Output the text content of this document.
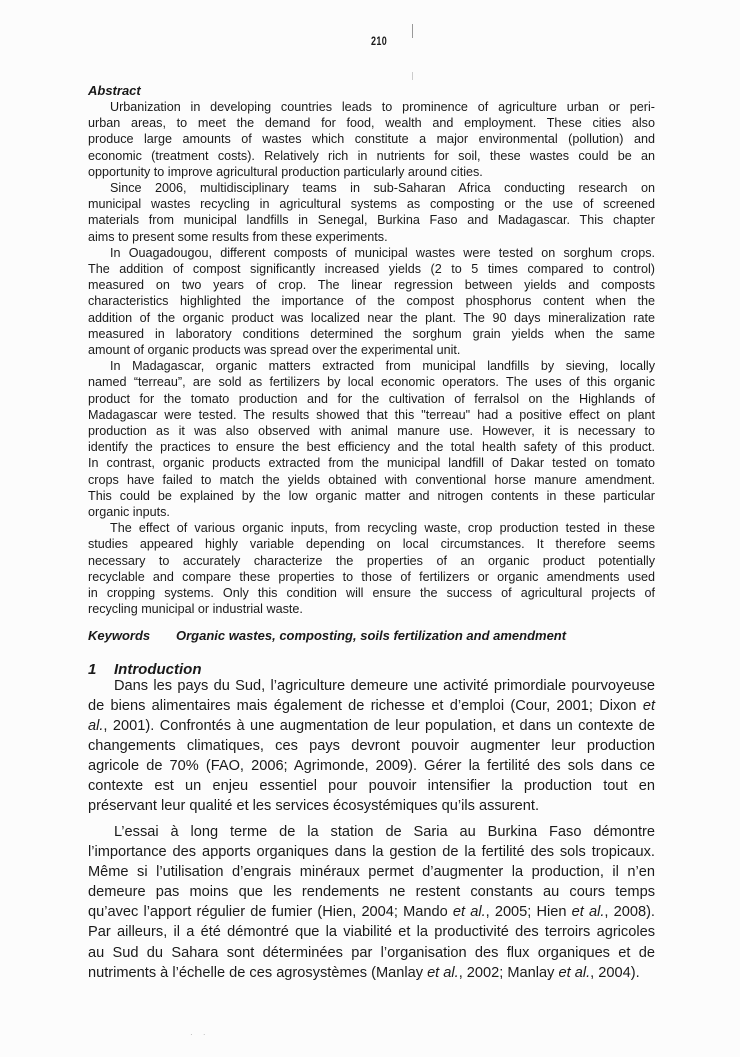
210
Abstract
Urbanization in developing countries leads to prominence of agriculture urban or peri-
urban areas, to meet the demand for food, wealth and employment. These cities also
produce large amounts of wastes which constitute a major environmental (pollution) and
economic (treatment costs). Relatively rich in nutrients for soil, these wastes could be an
opportunity to improve agricultural production particularly around cities.
Since 2006, multidisciplinary teams in sub-Saharan Africa conducting research on
municipal wastes recycling in agricultural systems as composting or the use of screened
materials from municipal landfills in Senegal, Burkina Faso and Madagascar. This chapter
aims to present some results from these experiments.
In Ouagadougou, different composts of municipal wastes were tested on sorghum crops.
The addition of compost significantly increased yields (2 to 5 times compared to control)
measured on two years of crop. The linear regression between yields and composts
characteristics highlighted the importance of the compost phosphorus content when the
addition of the organic product was localized near the plant. The 90 days mineralization rate
measured in laboratory conditions determined the sorghum grain yields when the same
amount of organic products was spread over the experimental unit.
In Madagascar, organic matters extracted from municipal landfills by sieving, locally
named “terreau”, are sold as fertilizers by local economic operators. The uses of this organic
product for the tomato production and for the cultivation of ferralsol on the Highlands of
Madagascar were tested. The results showed that this "terreau" had a positive effect on plant
production as it was also observed with animal manure use. However, it is necessary to
identify the practices to ensure the best efficiency and the total health safety of this product.
In contrast, organic products extracted from the municipal landfill of Dakar tested on tomato
crops have failed to match the yields obtained with conventional horse manure amendment.
This could be explained by the low organic matter and nitrogen contents in these particular
organic inputs.
The effect of various organic inputs, from recycling waste, crop production tested in these
studies appeared highly variable depending on local circumstances. It therefore seems
necessary to accurately characterize the properties of an organic product potentially
recyclable and compare these properties to those of fertilizers or organic amendments used
in cropping systems. Only this condition will ensure the success of agricultural projects of
recycling municipal or industrial waste.
Keywords Organic wastes, composting, soils fertilization and amendment
1 Introduction
Dans les pays du Sud, l’agriculture demeure une activité primordiale pourvoyeuse
de biens alimentaires mais également de richesse et d’emploi (Cour, 2001; Dixon et
al., 2001). Confrontés à une augmentation de leur population, et dans un contexte de
changements climatiques, ces pays devront pouvoir augmenter leur production
agricole de 70% (FAO, 2006; Agrimonde, 2009). Gérer la fertilité des sols dans ce
contexte est un enjeu essentiel pour pouvoir intensifier la production tout en
préservant leur qualité et les services écosystémiques qu’ils assurent.
L’essai à long terme de la station de Saria au Burkina Faso démontre
l’importance des apports organiques dans la gestion de la fertilité des sols tropicaux.
Même si l’utilisation d’engrais minéraux permet d’augmenter la production, il n’en
demeure pas moins que les rendements ne restent constants au cours temps
qu’avec l’apport régulier de fumier (Hien, 2004; Mando et al., 2005; Hien et al., 2008).
Par ailleurs, il a été démontré que la viabilité et la productivité des terroirs agricoles
au Sud du Sahara sont déterminées par l’organisation des flux organiques et de
nutriments à l’échelle de ces agrosystèmes (Manlay et al., 2002; Manlay et al., 2004).
· ·
